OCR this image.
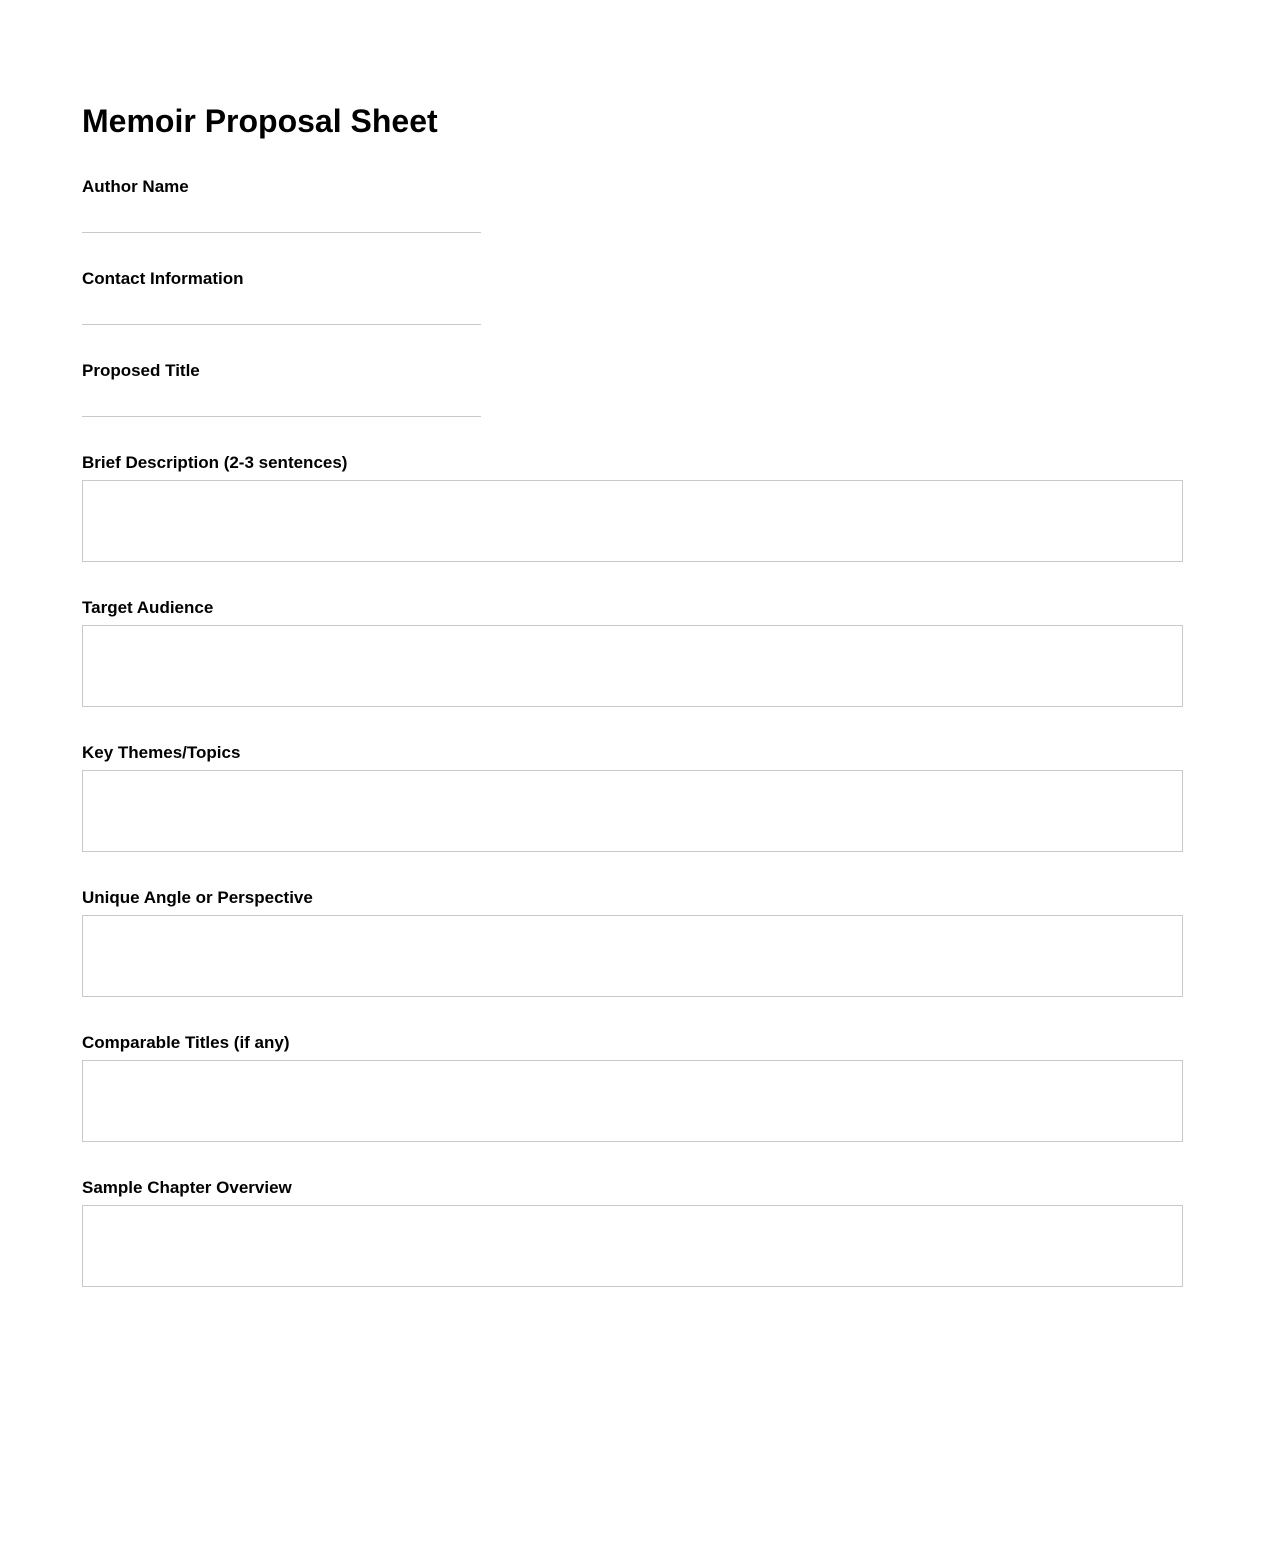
Memoir Proposal Sheet
Author Name
Contact Information
Proposed Title
Brief Description (2-3 sentences)
Target Audience
Key Themes/Topics
Unique Angle or Perspective
Comparable Titles (if any)
Sample Chapter Overview
